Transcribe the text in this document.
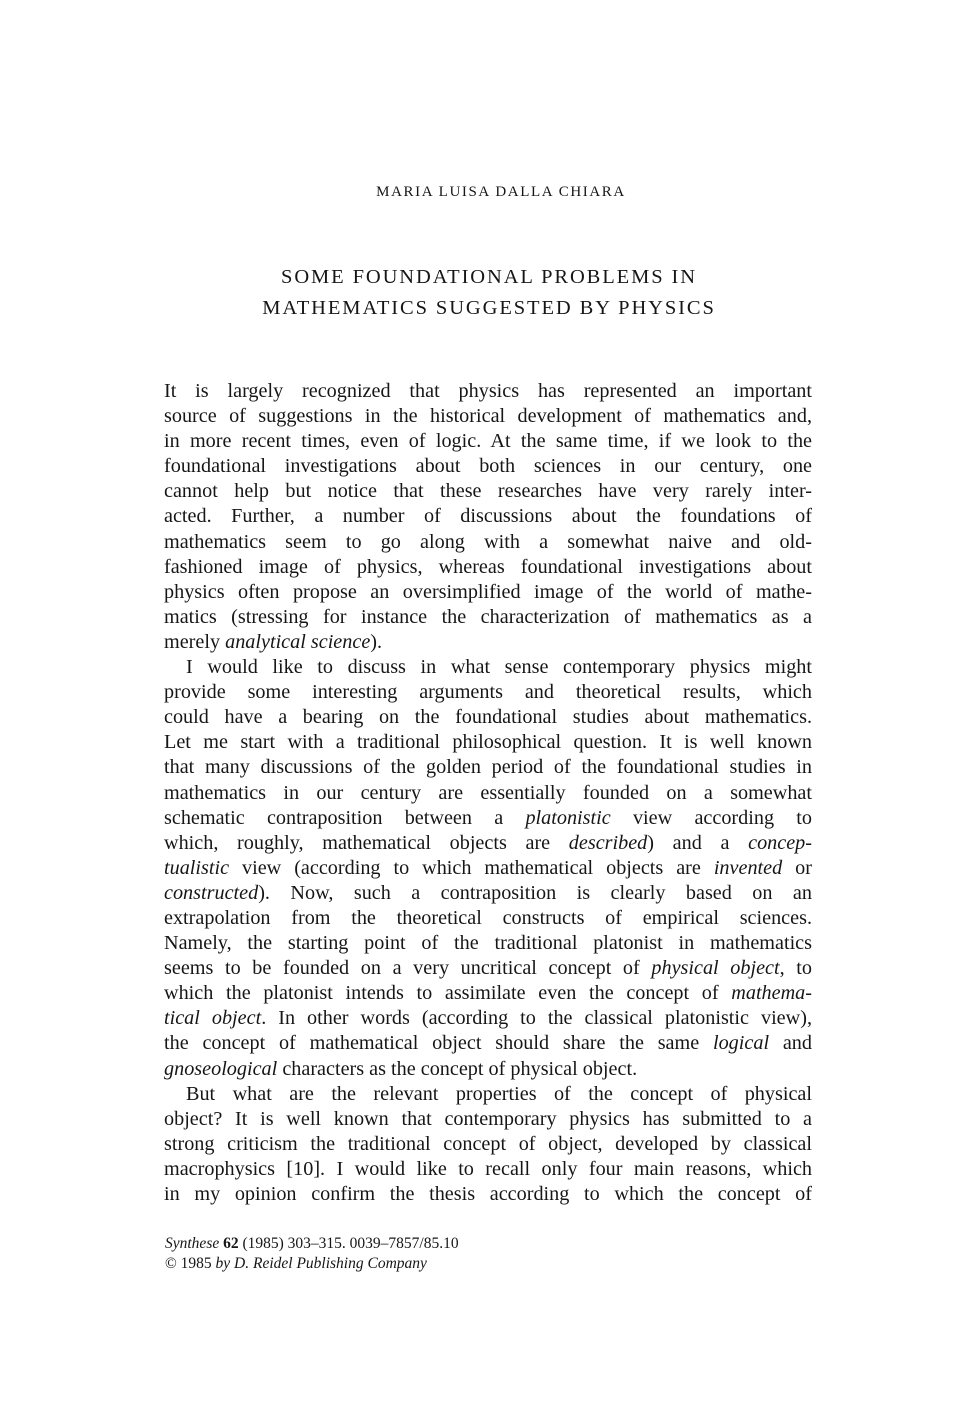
MARIA LUISA DALLA CHIARA
SOME FOUNDATIONAL PROBLEMS IN
MATHEMATICS SUGGESTED BY PHYSICS
It is largely recognized that physics has represented an important
source of suggestions in the historical development of mathematics and,
in more recent times, even of logic. At the same time, if we look to the
foundational investigations about both sciences in our century, one
cannot help but notice that these researches have very rarely inter-
acted. Further, a number of discussions about the foundations of
mathematics seem to go along with a somewhat naive and old-
fashioned image of physics, whereas foundational investigations about
physics often propose an oversimplified image of the world of mathe-
matics (stressing for instance the characterization of mathematics as a
merely analytical science).
I would like to discuss in what sense contemporary physics might
provide some interesting arguments and theoretical results, which
could have a bearing on the foundational studies about mathematics.
Let me start with a traditional philosophical question. It is well known
that many discussions of the golden period of the foundational studies in
mathematics in our century are essentially founded on a somewhat
schematic contraposition between a platonistic view according to
which, roughly, mathematical objects are described) and a concep-
tualistic view (according to which mathematical objects are invented or
constructed). Now, such a contraposition is clearly based on an
extrapolation from the theoretical constructs of empirical sciences.
Namely, the starting point of the traditional platonist in mathematics
seems to be founded on a very uncritical concept of physical object, to
which the platonist intends to assimilate even the concept of mathema-
tical object. In other words (according to the classical platonistic view),
the concept of mathematical object should share the same logical and
gnoseological characters as the concept of physical object.
But what are the relevant properties of the concept of physical
object? It is well known that contemporary physics has submitted to a
strong criticism the traditional concept of object, developed by classical
macrophysics [10]. I would like to recall only four main reasons, which
in my opinion confirm the thesis according to which the concept of
Synthese 62 (1985) 303–315. 0039–7857/85.10
© 1985 by D. Reidel Publishing Company
